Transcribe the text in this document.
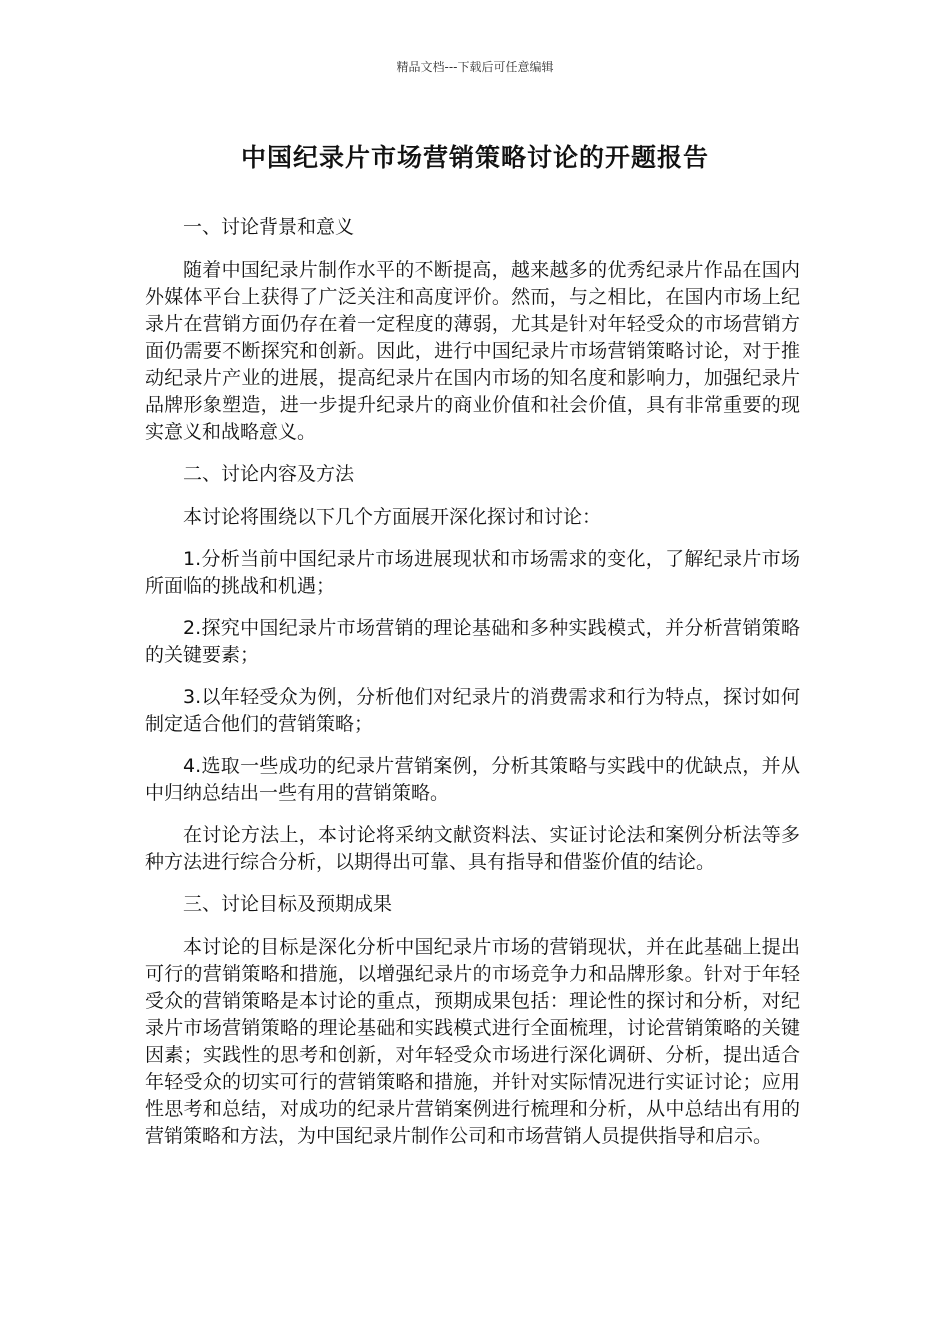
精品文档---下载后可任意编辑
中国纪录片市场营销策略讨论的开题报告

一、讨论背景和意义

随着中国纪录片制作水平的不断提高，越来越多的优秀纪录片作品在国内外媒体平台上获得了广泛关注和高度评价。然而，与之相比，在国内市场上纪录片在营销方面仍存在着一定程度的薄弱，尤其是针对年轻受众的市场营销方面仍需要不断探究和创新。因此，进行中国纪录片市场营销策略讨论，对于推动纪录片产业的进展，提高纪录片在国内市场的知名度和影响力，加强纪录片品牌形象塑造，进一步提升纪录片的商业价值和社会价值，具有非常重要的现实意义和战略意义。

二、讨论内容及方法

本讨论将围绕以下几个方面展开深化探讨和讨论：

1.分析当前中国纪录片市场进展现状和市场需求的变化，了解纪录片市场所面临的挑战和机遇；

2.探究中国纪录片市场营销的理论基础和多种实践模式，并分析营销策略的关键要素；

3.以年轻受众为例，分析他们对纪录片的消费需求和行为特点，探讨如何制定适合他们的营销策略；

4.选取一些成功的纪录片营销案例，分析其策略与实践中的优缺点，并从中归纳总结出一些有用的营销策略。

在讨论方法上，本讨论将采纳文献资料法、实证讨论法和案例分析法等多种方法进行综合分析，以期得出可靠、具有指导和借鉴价值的结论。

三、讨论目标及预期成果

本讨论的目标是深化分析中国纪录片市场的营销现状，并在此基础上提出可行的营销策略和措施，以增强纪录片的市场竞争力和品牌形象。针对于年轻受众的营销策略是本讨论的重点，预期成果包括：理论性的探讨和分析，对纪录片市场营销策略的理论基础和实践模式进行全面梳理，讨论营销策略的关键因素；实践性的思考和创新，对年轻受众市场进行深化调研、分析，提出适合年轻受众的切实可行的营销策略和措施，并针对实际情况进行实证讨论；应用性思考和总结，对成功的纪录片营销案例进行梳理和分析，从中总结出有用的营销策略和方法，为中国纪录片制作公司和市场营销人员提供指导和启示。
